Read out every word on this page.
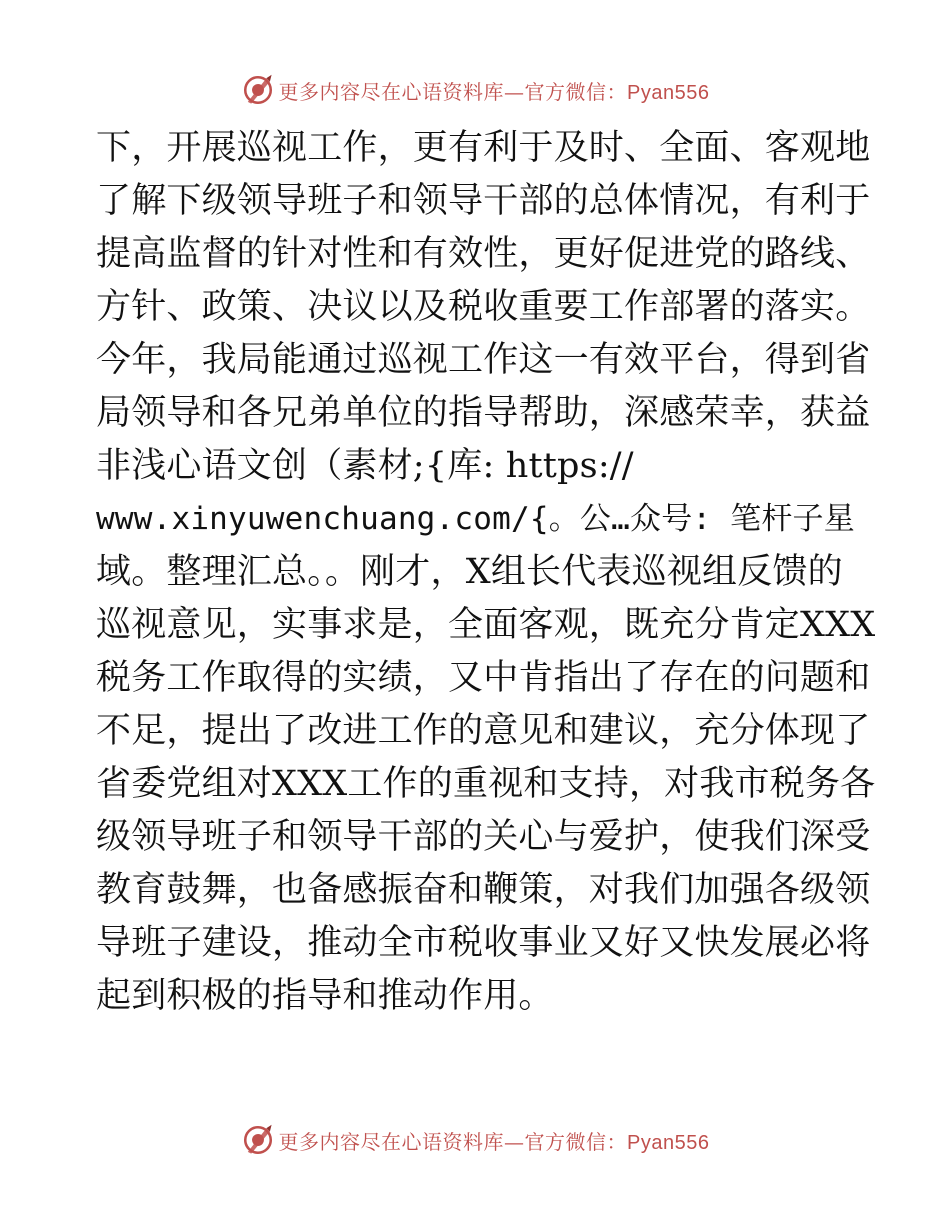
更多内容尽在心语资料库—官方微信：Pyan556
下，开展巡视工作，更有利于及时、全面、客观地
了解下级领导班子和领导干部的总体情况，有利于
提高监督的针对性和有效性，更好促进党的路线、
方针、政策、决议以及税收重要工作部署的落实。
今年，我局能通过巡视工作这一有效平台，得到省
局领导和各兄弟单位的指导帮助，深感荣幸，获益
非浅心语文创（素材;{库: https://
www.xinyuwenchuang.com/{。公…众号: 笔杆子星
域。整理汇总。。刚才，X组长代表巡视组反馈的
巡视意见，实事求是，全面客观，既充分肯定XXX
税务工作取得的实绩，又中肯指出了存在的问题和
不足，提出了改进工作的意见和建议，充分体现了
省委党组对XXX工作的重视和支持，对我市税务各
级领导班子和领导干部的关心与爱护，使我们深受
教育鼓舞，也备感振奋和鞭策，对我们加强各级领
导班子建设，推动全市税收事业又好又快发展必将
起到积极的指导和推动作用。
更多内容尽在心语资料库—官方微信：Pyan556
